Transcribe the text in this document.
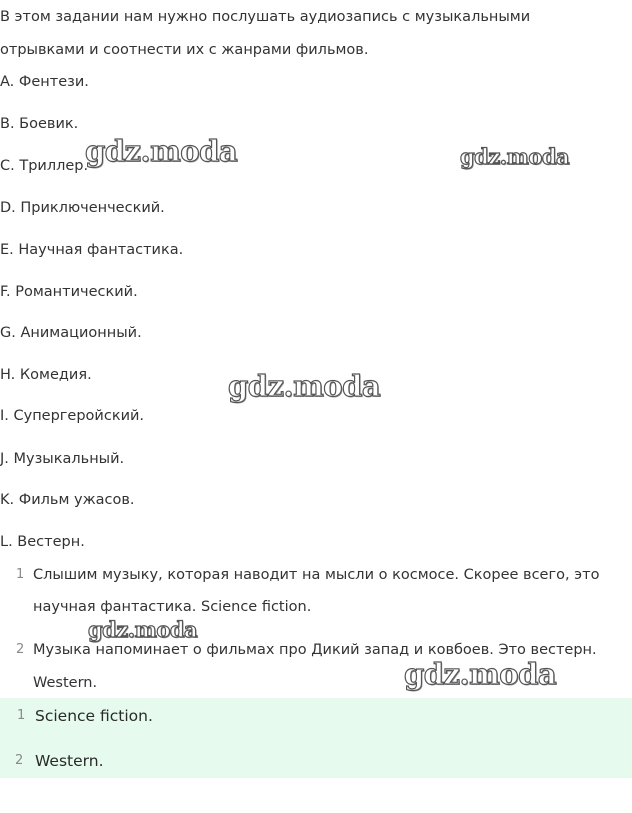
В этом задании нам нужно послушать аудиозапись с музыкальными
отрывками и соотнести их с жанрами фильмов.
A. Фентези.
B. Боевик.
C. Триллер.
D. Приключенческий.
E. Научная фантастика.
F. Романтический.
G. Анимационный.
H. Комедия.
I. Супергеройский.
J. Музыкальный.
K. Фильм ужасов.
L. Вестерн.
1 Слышим музыку, которая наводит на мысли о космосе. Скорее всего, это
научная фантастика. Science fiction.
2 Музыка напоминает о фильмах про Дикий запад и ковбоев. Это вестерн.
Western.
1 Science fiction.
2 Western.
gdz.moda	gdz.moda
gdz.moda
gdz.moda
gdz.moda
